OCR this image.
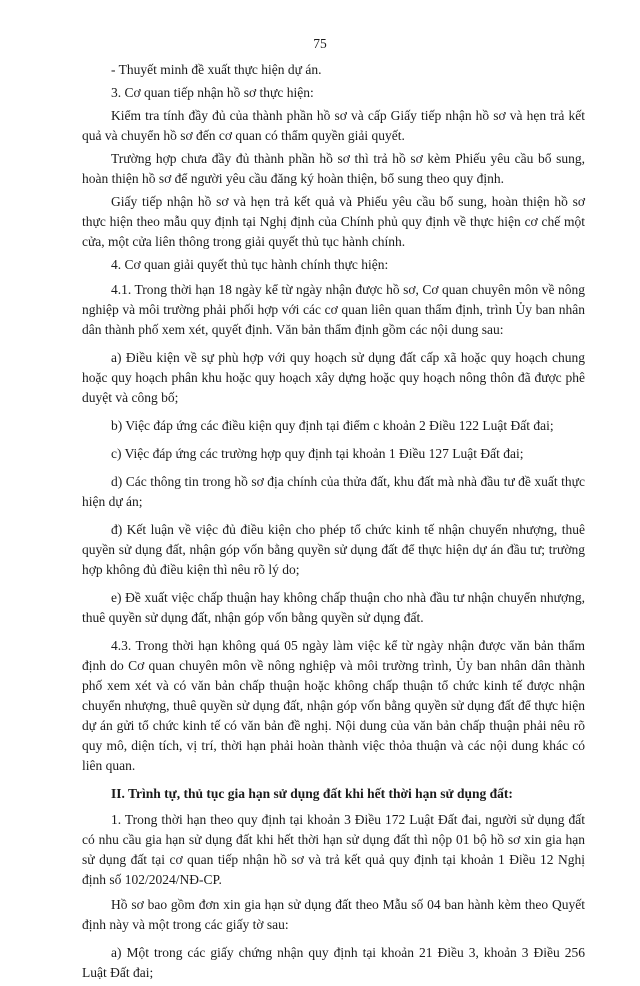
75

- Thuyết minh đề xuất thực hiện dự án.

3. Cơ quan tiếp nhận hồ sơ thực hiện:

Kiểm tra tính đầy đủ của thành phần hồ sơ và cấp Giấy tiếp nhận hồ sơ và hẹn trả kết quả và chuyển hồ sơ đến cơ quan có thẩm quyền giải quyết.

Trường hợp chưa đầy đủ thành phần hồ sơ thì trả hồ sơ kèm Phiếu yêu cầu bổ sung, hoàn thiện hồ sơ để người yêu cầu đăng ký hoàn thiện, bổ sung theo quy định.

Giấy tiếp nhận hồ sơ và hẹn trả kết quả và Phiếu yêu cầu bổ sung, hoàn thiện hồ sơ thực hiện theo mẫu quy định tại Nghị định của Chính phủ quy định về thực hiện cơ chế một cửa, một cửa liên thông trong giải quyết thủ tục hành chính.

4. Cơ quan giải quyết thủ tục hành chính thực hiện:

4.1. Trong thời hạn 18 ngày kể từ ngày nhận được hồ sơ, Cơ quan chuyên môn về nông nghiệp và môi trường phải phối hợp với các cơ quan liên quan thẩm định, trình Ủy ban nhân dân thành phố xem xét, quyết định. Văn bản thẩm định gồm các nội dung sau:

a) Điều kiện về sự phù hợp với quy hoạch sử dụng đất cấp xã hoặc quy hoạch chung hoặc quy hoạch phân khu hoặc quy hoạch xây dựng hoặc quy hoạch nông thôn đã được phê duyệt và công bố;

b) Việc đáp ứng các điều kiện quy định tại điểm c khoản 2 Điều 122 Luật Đất đai;

c) Việc đáp ứng các trường hợp quy định tại khoản 1 Điều 127 Luật Đất đai;

d) Các thông tin trong hồ sơ địa chính của thửa đất, khu đất mà nhà đầu tư đề xuất thực hiện dự án;

đ) Kết luận về việc đủ điều kiện cho phép tổ chức kinh tế nhận chuyển nhượng, thuê quyền sử dụng đất, nhận góp vốn bằng quyền sử dụng đất để thực hiện dự án đầu tư; trường hợp không đủ điều kiện thì nêu rõ lý do;

e) Đề xuất việc chấp thuận hay không chấp thuận cho nhà đầu tư nhận chuyển nhượng, thuê quyền sử dụng đất, nhận góp vốn bằng quyền sử dụng đất.

4.3. Trong thời hạn không quá 05 ngày làm việc kể từ ngày nhận được văn bản thẩm định do Cơ quan chuyên môn về nông nghiệp và môi trường trình, Ủy ban nhân dân thành phố xem xét và có văn bản chấp thuận hoặc không chấp thuận tổ chức kinh tế được nhận chuyển nhượng, thuê quyền sử dụng đất, nhận góp vốn bằng quyền sử dụng đất để thực hiện dự án gửi tổ chức kinh tế có văn bản đề nghị. Nội dung của văn bản chấp thuận phải nêu rõ quy mô, diện tích, vị trí, thời hạn phải hoàn thành việc thỏa thuận và các nội dung khác có liên quan.

II. Trình tự, thủ tục gia hạn sử dụng đất khi hết thời hạn sử dụng đất:

1. Trong thời hạn theo quy định tại khoản 3 Điều 172 Luật Đất đai, người sử dụng đất có nhu cầu gia hạn sử dụng đất khi hết thời hạn sử dụng đất thì nộp 01 bộ hồ sơ xin gia hạn sử dụng đất tại cơ quan tiếp nhận hồ sơ và trả kết quả quy định tại khoản 1 Điều 12 Nghị định số 102/2024/NĐ-CP.

Hồ sơ bao gồm đơn xin gia hạn sử dụng đất theo Mẫu số 04 ban hành kèm theo Quyết định này và một trong các giấy tờ sau:

a) Một trong các giấy chứng nhận quy định tại khoản 21 Điều 3, khoản 3 Điều 256 Luật Đất đai;
